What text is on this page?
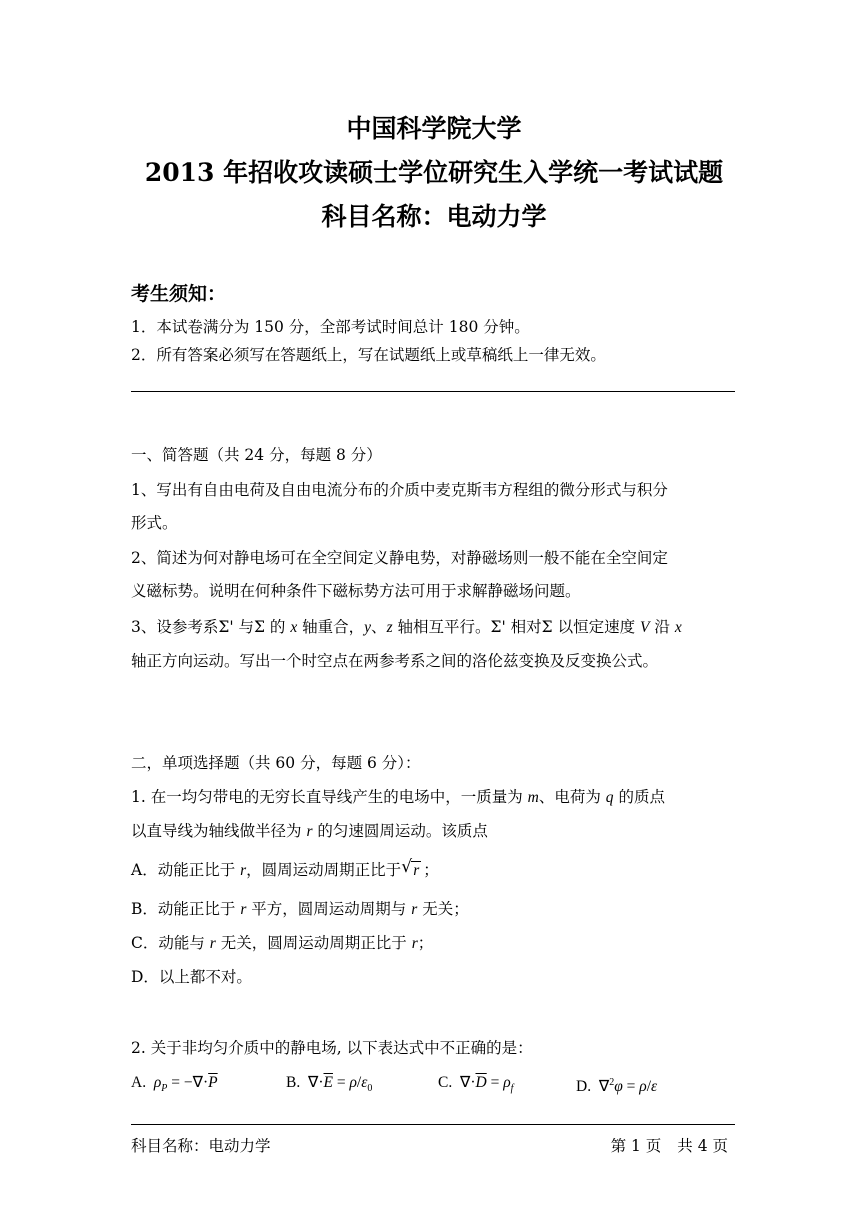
中国科学院大学
2013 年招收攻读硕士学位研究生入学统一考试试题
科目名称：电动力学
考生须知：
1．本试卷满分为 150 分，全部考试时间总计 180 分钟。
2．所有答案必须写在答题纸上，写在试题纸上或草稿纸上一律无效。
一、简答题（共 24 分，每题 8 分）
1、写出有自由电荷及自由电流分布的介质中麦克斯韦方程组的微分形式与积分
形式。
2、简述为何对静电场可在全空间定义静电势，对静磁场则一般不能在全空间定
义磁标势。说明在何种条件下磁标势方法可用于求解静磁场问题。
3、设参考系Σ' 与Σ 的 x 轴重合，y、z 轴相互平行。Σ' 相对Σ 以恒定速度 V 沿 x
轴正方向运动。写出一个时空点在两参考系之间的洛伦兹变换及反变换公式。
二，单项选择题（共 60 分，每题 6 分）：
1. 在一均匀带电的无穷长直导线产生的电场中，一质量为 m、电荷为 q 的质点
以直导线为轴线做半径为 r 的匀速圆周运动。该质点
A．动能正比于 r，圆周运动周期正比于 √ r ；
B．动能正比于 r 平方，圆周运动周期与 r 无关；
C．动能与 r 无关，圆周运动周期正比于 r；
D．以上都不对。
2. 关于非均匀介质中的静电场, 以下表达式中不正确的是：
A. $\rho_P = -\nabla\cdot\overline{P}$	B. $\nabla\cdot\overline{E} = \rho/\varepsilon_0$	C. $\nabla\cdot\overline{D} = \rho_f$	D. ∇$^2$φ = ρ/ε
科目名称：电动力学	第 1 页 共 4 页
